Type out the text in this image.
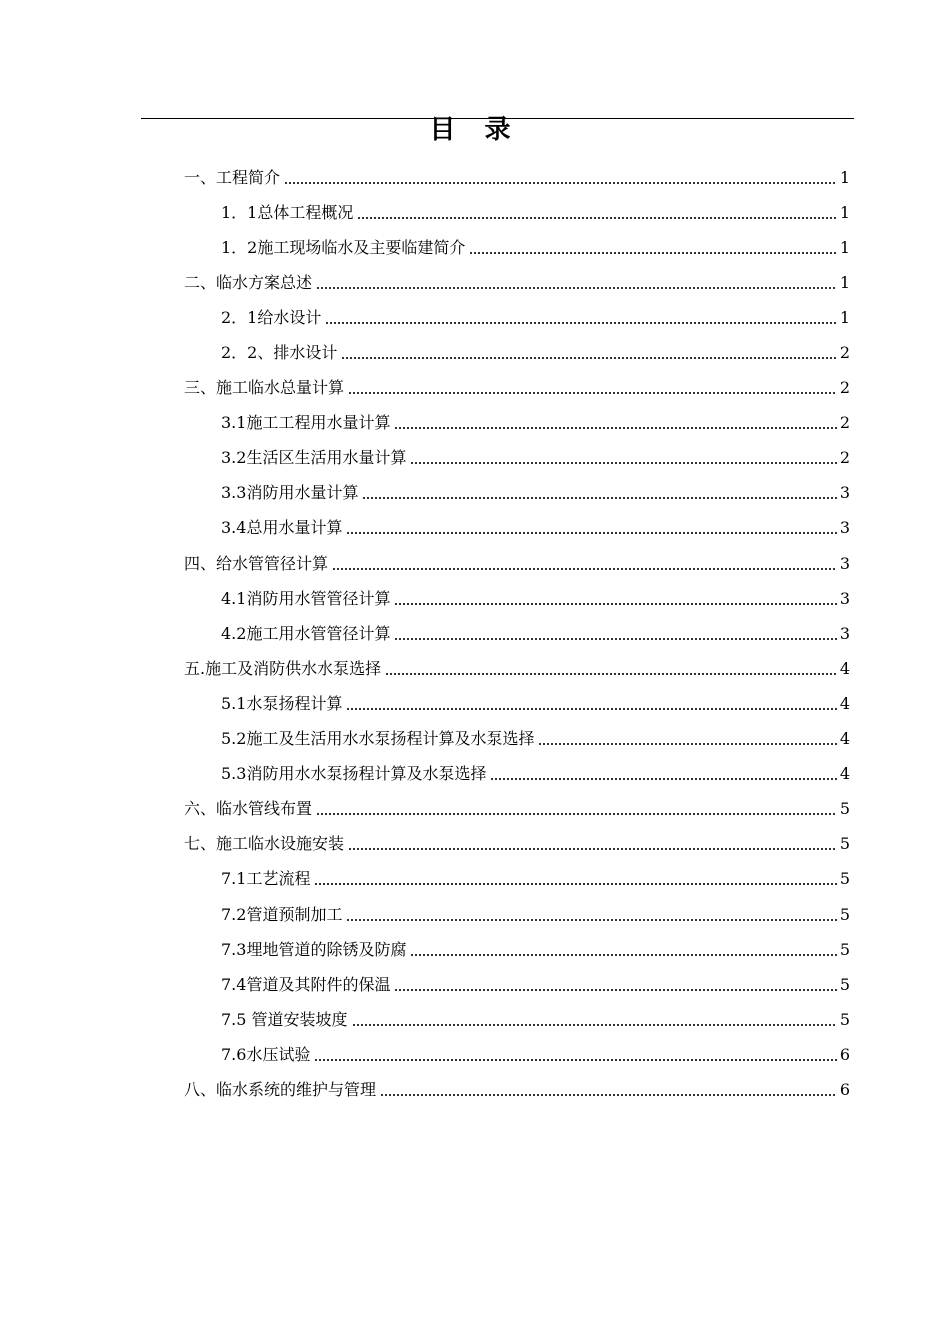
目 录
一、工程简介	1
1．1总体工程概况	1
1．2施工现场临水及主要临建简介	1
二、临水方案总述	1
2．1给水设计	1
2．2、排水设计	2
三、施工临水总量计算	2
3.1施工工程用水量计算	2
3.2生活区生活用水量计算	2
3.3消防用水量计算	3
3.4总用水量计算	3
四、给水管管径计算	3
4.1消防用水管管径计算	3
4.2施工用水管管径计算	3
五.施工及消防供水水泵选择	4
5.1水泵扬程计算	4
5.2施工及生活用水水泵扬程计算及水泵选择	4
5.3消防用水水泵扬程计算及水泵选择	4
六、临水管线布置	5
七、施工临水设施安装	5
7.1工艺流程	5
7.2管道预制加工	5
7.3埋地管道的除锈及防腐	5
7.4管道及其附件的保温	5
7.5 管道安装坡度	5
7.6水压试验	6
八、临水系统的维护与管理	6
